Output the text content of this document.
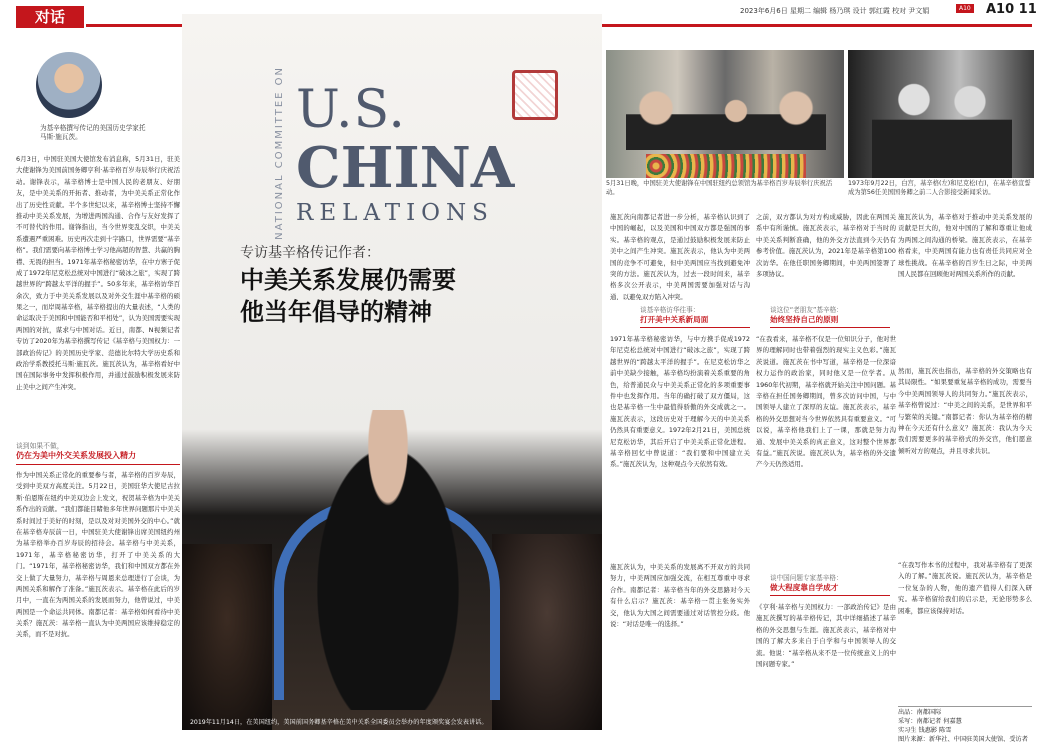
对话	2023年6月6日 星期二 编辑 杨乃琪 设计 郭红霞 校对 尹文娟	A10 A10 11
为基辛格撰写传记的美国历史学家托马斯·施瓦茨。
6月3日，中国驻美国大使馆发布消息称，5月31日，驻美大使谢锋为美国前国务卿亨利·基辛格百岁寿辰举行庆祝活动。谢锋表示，基辛格博士是中国人民的老朋友、好朋友，是中美关系的开拓者、推动者，为中美关系正常化作出了历史性贡献。半个多世纪以来，基辛格博士坚持不懈推动中美关系发展，为增进两国沟通、合作与友好发挥了不可替代的作用。谢锋指出，当今世界变乱交织，中美关系遭遇严重困难。历史再次走到十字路口，世界需要“基辛格”。我们需要向基辛格博士学习他高超的智慧、共赢的胸襟、无畏的担当。1971年基辛格秘密访华，在中方寨子促成了1972年尼克松总统对中国进行“破冰之旅”，实现了跨越世界的“跨越太平洋的握手”。50多年来，基辛格访华百余次，致力于中美关系发展以及对外交生涯中基辛格的硕果之一，而岸周基辛格，基辛格提出的大量表述，“人类的命运取决于美国和中国能否和平相处”，认为美国需要实现两国的对抗，谋求与中国对话。近日，南都、N视频记者专访了2020年为基辛格撰写传记《基辛格与美国权力：一部政治传记》的美国历史学家、范德比尔特大学历史系和政治学系教授托马斯·施瓦茨。施瓦茨认为，基辛格看好中国在国际事务中发挥积极作用，并通过鼓励积极发展来防止美中之间产生冲突。
谈到如果不做，
仍在为美中外交关系发展投入精力
作为中国关系正常化的重要参与者，基辛格的百岁寿辰，受到中美双方高度关注。5月22日，美国驻华大使尼古拉斯·伯恩斯在纽约中美双边会上发文，祝贺基辛格为中美关系作出的贡献。“我们都能目睹他多年世界问题那片中美关系时间过于美好的时刻，是以及对对美国外交的中心。”就在基辛格寿辰前一日，中国驻美大使谢锋出席美国纽约州为基辛格举办百岁寿辰的招待会。基辛格与中美关系，1971年，基辛格秘密访华，打开了中美关系的大门。“1971年，基辛格秘密访华，我们和中国双方都在外交上做了大量努力，基辛格与周恩来总理进行了会谈，为两国关系和解作了准备。”施瓦茨表示。基辛格在此后的岁月中，一直在为两国关系的发展而努力，他曾说过，中美两国是一个命运共同体。南都记者：基辛格如何看待中美关系？施瓦茨：基辛格一直认为中美两国应该维持稳定的关系，而不是对抗。
NATIONAL COMMITTEE ON U.S.
CHINA
RELATIONS
专访基辛格传记作者：
中美关系发展仍需要
他当年倡导的精神
2019年11月14日，在美国纽约，美国前国务卿基辛格在美中关系全国委员会举办的年度颁奖宴会发表讲话。
5月31日晚，中国驻美大使谢锋在中国驻纽约总领馆为基辛格百岁寿辰举行庆祝活动。
1973年9月22日，白宫，基辛格(左)和尼克松(右)，在基辛格宣誓成为第56任美国国务卿之前二人合影接受新闻采访。
施瓦茨向南都记者进一步分析，基辛格认识到了中国的崛起，以及美国和中国双方都是强国的事实。基辛格的观点，是通过鼓励积极发展来防止美中之间产生冲突。施瓦茨表示，他认为中美两国的竞争不可避免，但中美两国应当找到避免冲突的方法。施瓦茨认为，过去一段时间来，基辛格多次公开表示，中美两国需要加强对话与沟通，以避免双方陷入冲突。
谈基辛格访华往事：
打开美中关系新局面
1971年基辛格秘密访华，与中方携手促成1972年尼克松总统对中国进行“破冰之旅”，实现了跨越世界的“跨越太平洋的握手”。在尼克松访华之前中美缺少接触，基辛格均扮演着关系重要的角色，给普通民众与中美关系正常化的多项重要事件中也发挥作用。当年的确打破了双方僵局，这也是基辛格一生中最值得骄傲的外交成就之一。施瓦茨表示，这段历史对于理解今天的中美关系仍然具有重要意义。1972年2月21日，美国总统尼克松访华，其后开启了中美关系正常化进程。基辛格回忆中曾说道：“我们要和中国建立关系。”施瓦茨认为，这种观点今天依然有效。
施瓦茨认为，中美关系的发展离不开双方的共同努力，中美两国应加强交流，在相互尊重中寻求合作。南都记者：基辛格当年的外交思路对今天有什么启示？施瓦茨：基辛格一贯主张务实外交，他认为大国之间需要通过对话管控分歧。他说：“对话是唯一的选择。”
之前，双方都认为对方构成威胁，因此在两国关系中有所谨慎。施瓦茨表示，基辛格对于当时的中美关系判断准确，他的外交方法直到今天仍有参考价值。施瓦茨认为，2021年是基辛格第100次访华。在他任职国务卿期间，中美两国签署了多项协议。
谈这位“老朋友”基辛格：
始终坚持自己的原则
“在我看来，基辛格不仅是一位知识分子，他对世界的理解同时也带着强烈的现实主义色彩。”施瓦茨说道。施瓦茨在书中写道，基辛格是一位深谙权力运作的政治家，同时他又是一位学者。从1960年代初期，基辛格就开始关注中国问题。基辛格在担任国务卿期间，曾多次访问中国，与中国领导人建立了深厚的友谊。施瓦茨表示，基辛格的外交思想对当今世界依然具有重要意义。“可以说，基辛格他我们上了一课，那就是努力沟通、发展中美关系的真正意义，这对整个世界都有益。”施瓦茨说。施瓦茨认为，基辛格的外交遗产今天仍然适用。
谈中国问题专家基辛格：
做大程度靠自学成才
《亨利·基辛格与美国权力：一部政治传记》是由施瓦茨撰写的基辛格传记，其中详细描述了基辛格的外交思想与生涯。施瓦茨表示，基辛格对中国的了解大多来自于自学和与中国领导人的交流。他说：“基辛格从来不是一位传统意义上的中国问题专家。”
施瓦茨认为，基辛格对于推动中美关系发展的贡献是巨大的，他对中国的了解和尊重让他成为两国之间沟通的桥梁。施瓦茨表示，在基辛格看来，中美两国有能力也有责任共同应对全球性挑战。在基辛格的百岁生日之际，中美两国人民都在回顾他对两国关系所作的贡献。
然而，施瓦茨也指出，基辛格的外交策略也有其局限性。“如果要重复基辛格的成功，需要当今中美两国领导人的共同努力。”施瓦茨表示，基辛格曾说过：“中美之间的关系，是世界和平与繁荣的关键。”南都记者：你认为基辛格的精神在今天还有什么意义？施瓦茨：我认为今天我们需要更多的基辛格式的外交官，他们愿意倾听对方的观点，并且寻求共识。
“在我写作本书的过程中，我对基辛格有了更深入的了解。”施瓦茨说。施瓦茨认为，基辛格是一位复杂的人物，他的遗产值得人们深入研究。基辛格留给我们的启示是，无论形势多么困难，都应该保持对话。
出品：南都国际
采写：南都记者 何嘉慧
实习生 钱惠影 陈雪
图片来源：新华社、中国驻美国大使馆、受访者
